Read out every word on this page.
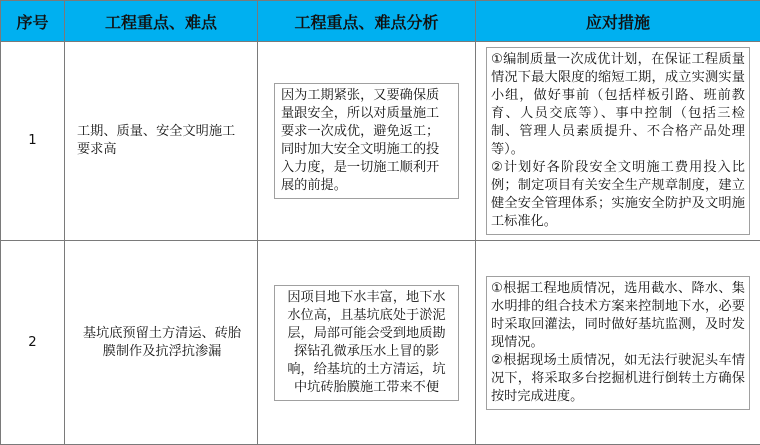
序号	工程重点、难点	工程重点、难点分析	应对措施
1	工期、质量、安全文明施工要求高	因为工期紧张，又要确保质量跟安全，所以对质量施工要求一次成优，避免返工；同时加大安全文明施工的投入力度，是一切施工顺利开展的前提。	①编制质量一次成优计划，在保证工程质量情况下最大限度的缩短工期，成立实测实量小组，做好事前（包括样板引路、班前教育、人员交底等）、事中控制（包括三检制、管理人员素质提升、不合格产品处理等）。

②计划好各阶段安全文明施工费用投入比例；制定项目有关安全生产规章制度，建立健全安全管理体系；实施安全防护及文明施工标准化。

2	基坑底预留土方清运、砖胎膜制作及抗浮抗渗漏	因项目地下水丰富，地下水水位高，且基坑底处于淤泥层，局部可能会受到地质勘探钻孔微承压水上冒的影响，给基坑的土方清运，坑中坑砖胎膜施工带来不便	①根据工程地质情况，选用截水、降水、集水明排的组合技术方案来控制地下水，必要时采取回灌法，同时做好基坑监测，及时发现情况。

②根据现场土质情况，如无法行驶泥头车情况下，将采取多台挖掘机进行倒转土方确保按时完成进度。
